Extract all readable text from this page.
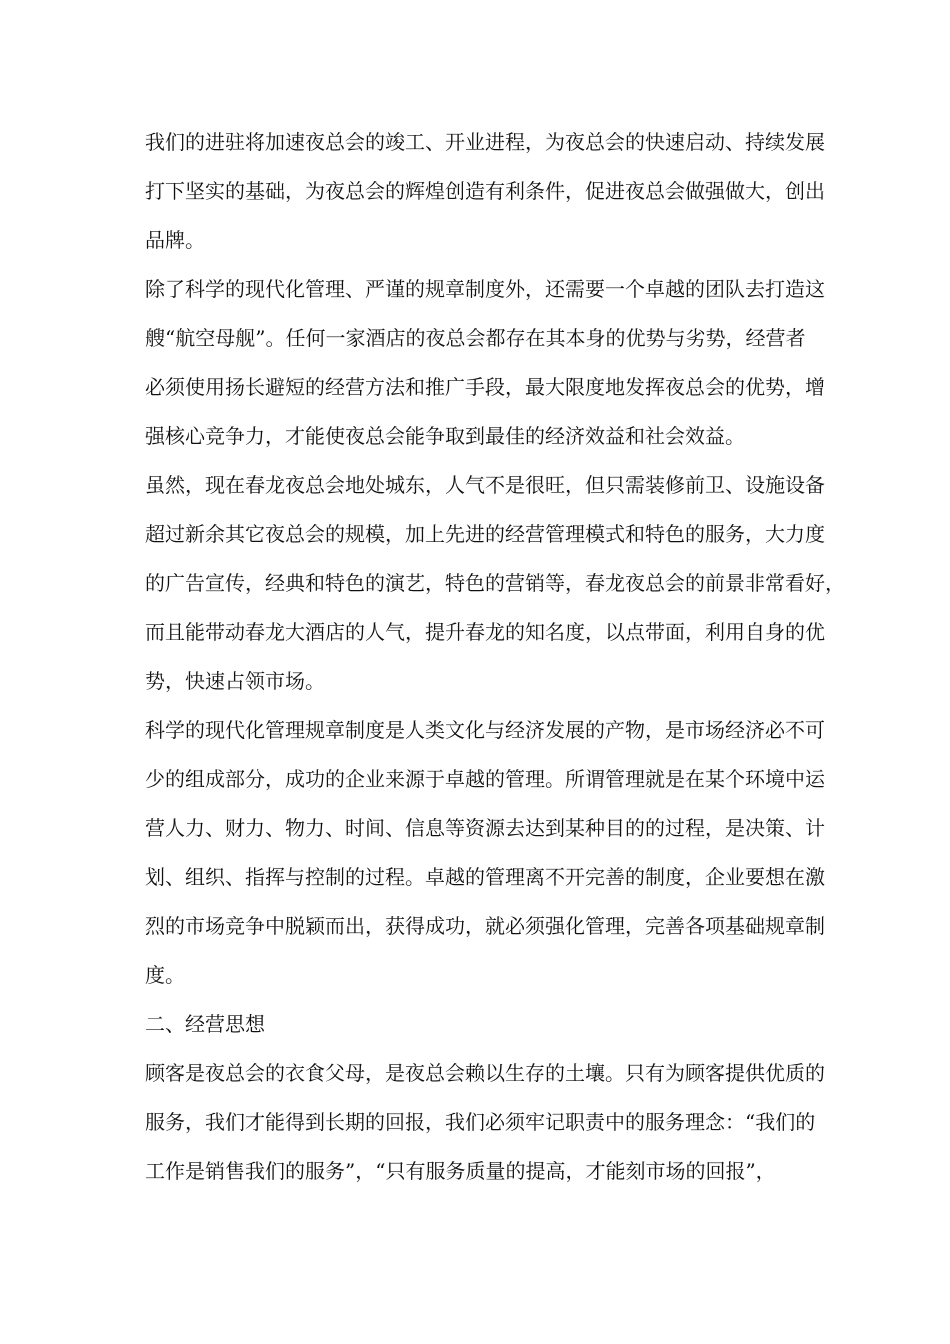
我们的进驻将加速夜总会的竣工、开业进程，为夜总会的快速启动、持续发展
打下坚实的基础，为夜总会的辉煌创造有利条件，促进夜总会做强做大，创出
品牌。
除了科学的现代化管理、严谨的规章制度外，还需要一个卓越的团队去打造这
艘“航空母舰”。任何一家酒店的夜总会都存在其本身的优势与劣势，经营者
必须使用扬长避短的经营方法和推广手段，最大限度地发挥夜总会的优势，增
强核心竞争力，才能使夜总会能争取到最佳的经济效益和社会效益。
虽然，现在春龙夜总会地处城东，人气不是很旺，但只需装修前卫、设施设备
超过新余其它夜总会的规模，加上先进的经营管理模式和特色的服务，大力度
的广告宣传，经典和特色的演艺，特色的营销等，春龙夜总会的前景非常看好，
而且能带动春龙大酒店的人气，提升春龙的知名度，以点带面，利用自身的优
势，快速占领市场。
科学的现代化管理规章制度是人类文化与经济发展的产物，是市场经济必不可
少的组成部分，成功的企业来源于卓越的管理。所谓管理就是在某个环境中运
营人力、财力、物力、时间、信息等资源去达到某种目的的过程，是决策、计
划、组织、指挥与控制的过程。卓越的管理离不开完善的制度，企业要想在激
烈的市场竞争中脱颖而出，获得成功，就必须强化管理，完善各项基础规章制
度。
二、经营思想
顾客是夜总会的衣食父母，是夜总会赖以生存的土壤。只有为顾客提供优质的
服务，我们才能得到长期的回报，我们必须牢记职责中的服务理念：“我们的
工作是销售我们的服务”，“只有服务质量的提高，才能刻市场的回报”，
